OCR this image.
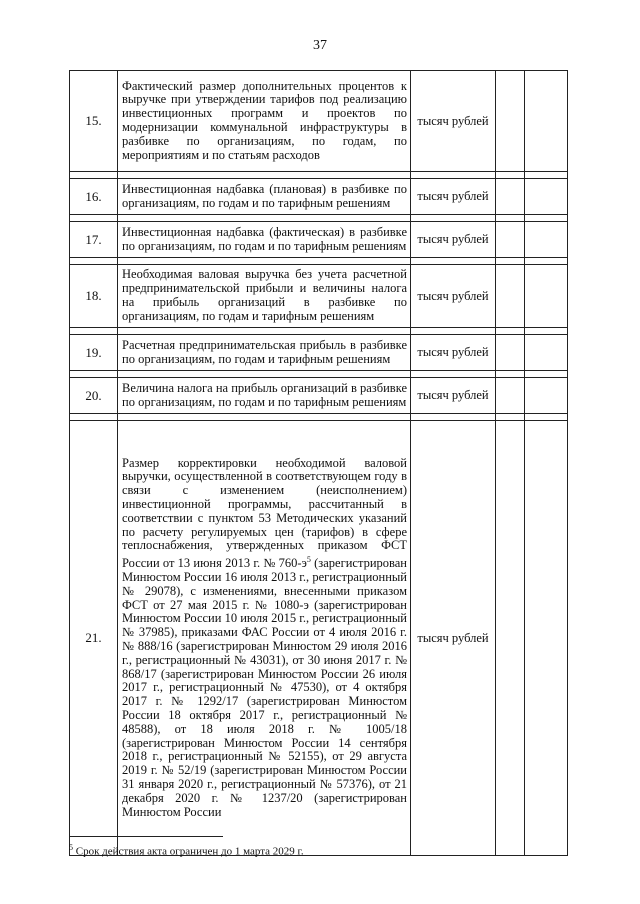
37
15.	Фактический размер дополнительных процентов к выручке при утверждении тарифов под реализацию инвестиционных программ и проектов по модернизации коммунальной инфраструктуры в разбивке по организациям, по годам, по мероприятиям и по статьям расходов	тысяч рублей		

16.	Инвестиционная надбавка (плановая) в разбивке по организациям, по годам и по тарифным решениям	тысяч рублей		

17.	Инвестиционная надбавка (фактическая) в разбивке по организациям, по годам и по тарифным решениям	тысяч рублей		

18.	Необходимая валовая выручка без учета расчетной предпринимательской прибыли и величины налога на прибыль организаций в разбивке по организациям, по годам и тарифным решениям	тысяч рублей		

19.	Расчетная предпринимательская прибыль в разбивке по организациям, по годам и тарифным решениям	тысяч рублей		

20.	Величина налога на прибыль организаций в разбивке по организациям, по годам и по тарифным решениям	тысяч рублей		

21.	Размер корректировки необходимой валовой выручки, осуществленной в соответствующем году в связи с изменением (неисполнением) инвестиционной программы, рассчитанный в соответствии с пунктом 53 Методических указаний по расчету регулируемых цен (тарифов) в сфере теплоснабжения, утвержденных приказом ФСТ России от 13 июня 2013 г. № $760-э^5$ (зарегистрирован Минюстом России 16 июля 2013 г., регистрационный № 29078), с изменениями, внесенными приказом ФСТ от 27 мая 2015 г. № 1080-э (зарегистрирован Минюстом России 10 июля 2015 г., регистрационный № 37985), приказами ФАС России от 4 июля 2016 г. № 888/16 (зарегистрирован Минюстом 29 июля 2016 г., регистрационный № 43031), от 30 июня 2017 г. № 868/17 (зарегистрирован Минюстом России 26 июля 2017 г., регистрационный № 47530), от 4 октября 2017 г. № 1292/17 (зарегистрирован Минюстом России 18 октября 2017 г., регистрационный № 48588), от 18 июля 2018 г. № 1005/18 (зарегистрирован Минюстом России 14 сентября 2018 г., регистрационный № 52155), от 29 августа 2019 г. № 52/19 (зарегистрирован Минюстом России 31 января 2020 г., регистрационный № 57376), от 21 декабря 2020 г. № 1237/20 (зарегистрирован Минюстом России	тысяч рублей		
$^5$ Срок действия акта ограничен до 1 марта 2029 г.
